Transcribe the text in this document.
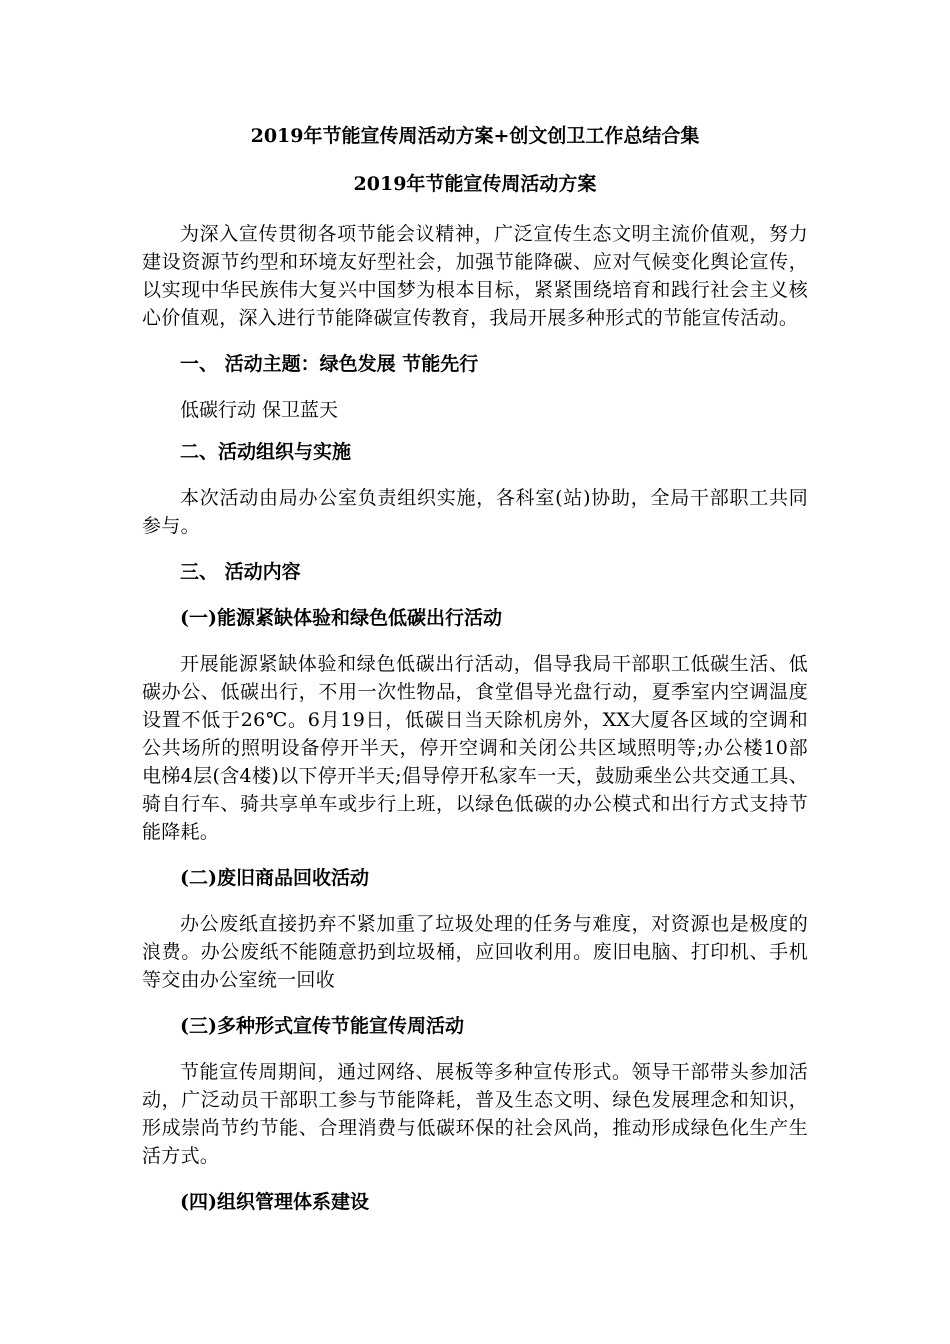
2019年节能宣传周活动方案+创文创卫工作总结合集

2019年节能宣传周活动方案

为深入宣传贯彻各项节能会议精神，广泛宣传生态文明主流价值观，努力建设资源节约型和环境友好型社会，加强节能降碳、应对气候变化舆论宣传，以实现中华民族伟大复兴中国梦为根本目标，紧紧围绕培育和践行社会主义核心价值观，深入进行节能降碳宣传教育，我局开展多种形式的节能宣传活动。

一、 活动主题：绿色发展 节能先行

低碳行动 保卫蓝天

二、活动组织与实施

本次活动由局办公室负责组织实施，各科室(站)协助，全局干部职工共同参与。

三、 活动内容

(一)能源紧缺体验和绿色低碳出行活动

开展能源紧缺体验和绿色低碳出行活动，倡导我局干部职工低碳生活、低碳办公、低碳出行，不用一次性物品，食堂倡导光盘行动，夏季室内空调温度设置不低于26℃。6月19日，低碳日当天除机房外，XX大厦各区域的空调和公共场所的照明设备停开半天，停开空调和关闭公共区域照明等;办公楼10部电梯4层(含4楼)以下停开半天;倡导停开私家车一天，鼓励乘坐公共交通工具、骑自行车、骑共享单车或步行上班，以绿色低碳的办公模式和出行方式支持节能降耗。

(二)废旧商品回收活动

办公废纸直接扔弃不紧加重了垃圾处理的任务与难度，对资源也是极度的浪费。办公废纸不能随意扔到垃圾桶，应回收利用。废旧电脑、打印机、手机等交由办公室统一回收

(三)多种形式宣传节能宣传周活动

节能宣传周期间，通过网络、展板等多种宣传形式。领导干部带头参加活动，广泛动员干部职工参与节能降耗，普及生态文明、绿色发展理念和知识，形成崇尚节约节能、合理消费与低碳环保的社会风尚，推动形成绿色化生产生活方式。

(四)组织管理体系建设
